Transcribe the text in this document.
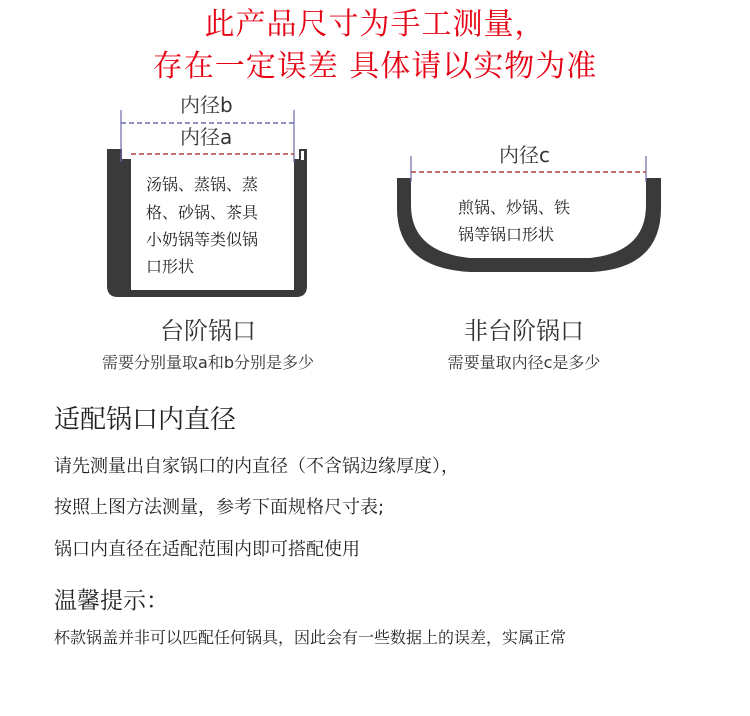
此产品尺寸为手工测量，
存在一定误差 具体请以实物为准
内径b
内径a
汤锅、蒸锅、蒸
格、砂锅、茶具
小奶锅等类似锅
口形状
内径c
煎锅、炒锅、铁
锅等锅口形状
台阶锅口
需要分别量取a和b分别是多少
非台阶锅口
需要量取内径c是多少
适配锅口内直径
请先测量出自家锅口的内直径（不含锅边缘厚度），
按照上图方法测量，参考下面规格尺寸表;
锅口内直径在适配范围内即可搭配使用
温馨提示：
杯款锅盖并非可以匹配任何锅具，因此会有一些数据上的误差，实属正常
